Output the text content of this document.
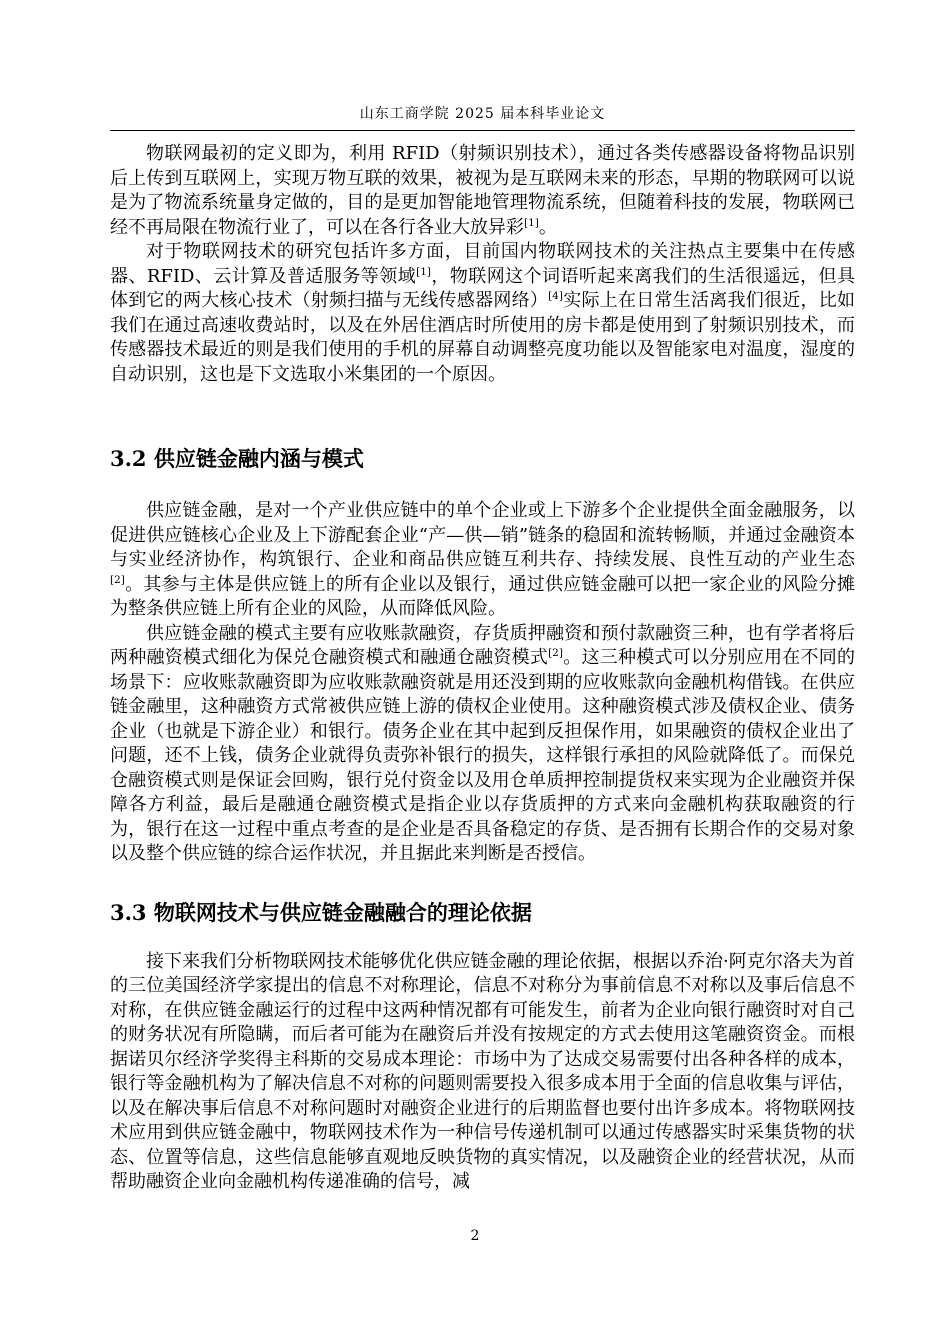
山东工商学院 2025 届本科毕业论文

物联网最初的定义即为，利用 RFID（射频识别技术），通过各类传感器设备将物品识别后上传到互联网上，实现万物互联的效果，被视为是互联网未来的形态，早期的物联网可以说是为了物流系统量身定做的，目的是更加智能地管理物流系统，但随着科技的发展，物联网已经不再局限在物流行业了，可以在各行各业大放异彩[1]。

对于物联网技术的研究包括许多方面，目前国内物联网技术的关注热点主要集中在传感器、RFID、云计算及普适服务等领域[1]，物联网这个词语听起来离我们的生活很遥远，但具体到它的两大核心技术（射频扫描与无线传感器网络）[4]实际上在日常生活离我们很近，比如我们在通过高速收费站时，以及在外居住酒店时所使用的房卡都是使用到了射频识别技术，而传感器技术最近的则是我们使用的手机的屏幕自动调整亮度功能以及智能家电对温度，湿度的自动识别，这也是下文选取小米集团的一个原因。

3.2 供应链金融内涵与模式

供应链金融，是对一个产业供应链中的单个企业或上下游多个企业提供全面金融服务，以促进供应链核心企业及上下游配套企业“产—供—销”链条的稳固和流转畅顺，并通过金融资本与实业经济协作，构筑银行、企业和商品供应链互利共存、持续发展、良性互动的产业生态[2]。其参与主体是供应链上的所有企业以及银行，通过供应链金融可以把一家企业的风险分摊为整条供应链上所有企业的风险，从而降低风险。

供应链金融的模式主要有应收账款融资，存货质押融资和预付款融资三种，也有学者将后两种融资模式细化为保兑仓融资模式和融通仓融资模式[2]。这三种模式可以分别应用在不同的场景下：应收账款融资即为应收账款融资就是用还没到期的应收账款向金融机构借钱。在供应链金融里，这种融资方式常被供应链上游的债权企业使用。这种融资模式涉及债权企业、债务企业（也就是下游企业）和银行。债务企业在其中起到反担保作用，如果融资的债权企业出了问题，还不上钱，债务企业就得负责弥补银行的损失，这样银行承担的风险就降低了。而保兑仓融资模式则是保证会回购，银行兑付资金以及用仓单质押控制提货权来实现为企业融资并保障各方利益，最后是融通仓融资模式是指企业以存货质押的方式来向金融机构获取融资的行为，银行在这一过程中重点考查的是企业是否具备稳定的存货、是否拥有长期合作的交易对象以及整个供应链的综合运作状况，并且据此来判断是否授信。

3.3 物联网技术与供应链金融融合的理论依据

接下来我们分析物联网技术能够优化供应链金融的理论依据，根据以乔治·阿克尔洛夫为首的三位美国经济学家提出的信息不对称理论，信息不对称分为事前信息不对称以及事后信息不对称，在供应链金融运行的过程中这两种情况都有可能发生，前者为企业向银行融资时对自己的财务状况有所隐瞒，而后者可能为在融资后并没有按规定的方式去使用这笔融资资金。而根据诺贝尔经济学奖得主科斯的交易成本理论：市场中为了达成交易需要付出各种各样的成本，银行等金融机构为了解决信息不对称的问题则需要投入很多成本用于全面的信息收集与评估，以及在解决事后信息不对称问题时对融资企业进行的后期监督也要付出许多成本。将物联网技术应用到供应链金融中，物联网技术作为一种信号传递机制可以通过传感器实时采集货物的状态、位置等信息，这些信息能够直观地反映货物的真实情况，以及融资企业的经营状况，从而帮助融资企业向金融机构传递准确的信号，减

2
